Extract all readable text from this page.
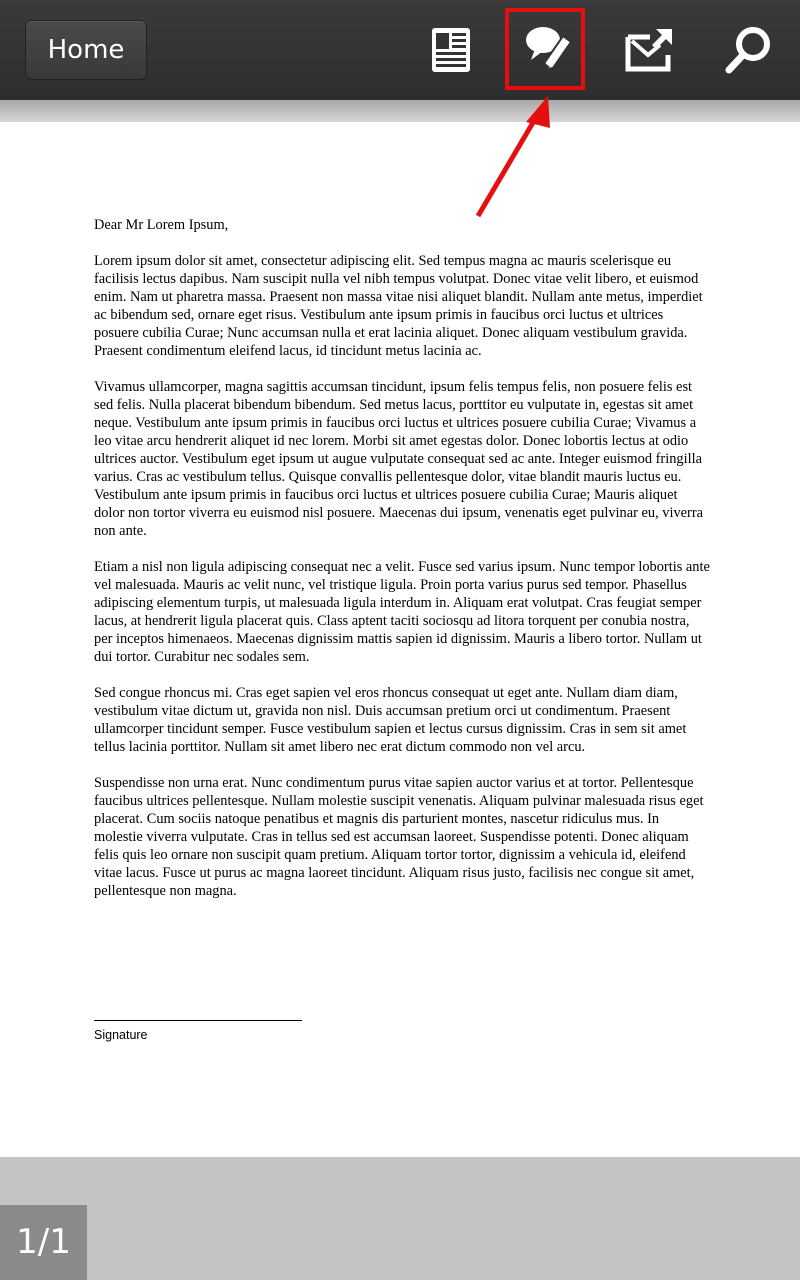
Home

Dear Mr Lorem Ipsum,

Lorem ipsum dolor sit amet, consectetur adipiscing elit. Sed tempus magna ac mauris scelerisque eu facilisis lectus dapibus. Nam suscipit nulla vel nibh tempus volutpat. Donec vitae velit libero, et euismod enim. Nam ut pharetra massa. Praesent non massa vitae nisi aliquet blandit. Nullam ante metus, imperdiet ac bibendum sed, ornare eget risus. Vestibulum ante ipsum primis in faucibus orci luctus et ultrices posuere cubilia Curae; Nunc accumsan nulla et erat lacinia aliquet. Donec aliquam vestibulum gravida. Praesent condimentum eleifend lacus, id tincidunt metus lacinia ac.

Vivamus ullamcorper, magna sagittis accumsan tincidunt, ipsum felis tempus felis, non posuere felis est sed felis. Nulla placerat bibendum bibendum. Sed metus lacus, porttitor eu vulputate in, egestas sit amet neque. Vestibulum ante ipsum primis in faucibus orci luctus et ultrices posuere cubilia Curae; Vivamus a leo vitae arcu hendrerit aliquet id nec lorem. Morbi sit amet egestas dolor. Donec lobortis lectus at odio ultrices auctor. Vestibulum eget ipsum ut augue vulputate consequat sed ac ante. Integer euismod fringilla varius. Cras ac vestibulum tellus. Quisque convallis pellentesque dolor, vitae blandit mauris luctus eu. Vestibulum ante ipsum primis in faucibus orci luctus et ultrices posuere cubilia Curae; Mauris aliquet dolor non tortor viverra eu euismod nisl posuere. Maecenas dui ipsum, venenatis eget pulvinar eu, viverra non ante.

Etiam a nisl non ligula adipiscing consequat nec a velit. Fusce sed varius ipsum. Nunc tempor lobortis ante vel malesuada. Mauris ac velit nunc, vel tristique ligula. Proin porta varius purus sed tempor. Phasellus adipiscing elementum turpis, ut malesuada ligula interdum in. Aliquam erat volutpat. Cras feugiat semper lacus, at hendrerit ligula placerat quis. Class aptent taciti sociosqu ad litora torquent per conubia nostra, per inceptos himenaeos. Maecenas dignissim mattis sapien id dignissim. Mauris a libero tortor. Nullam ut dui tortor. Curabitur nec sodales sem.

Sed congue rhoncus mi. Cras eget sapien vel eros rhoncus consequat ut eget ante. Nullam diam diam, vestibulum vitae dictum ut, gravida non nisl. Duis accumsan pretium orci ut condimentum. Praesent ullamcorper tincidunt semper. Fusce vestibulum sapien et lectus cursus dignissim. Cras in sem sit amet tellus lacinia porttitor. Nullam sit amet libero nec erat dictum commodo non vel arcu.

Suspendisse non urna erat. Nunc condimentum purus vitae sapien auctor varius et at tortor. Pellentesque faucibus ultrices pellentesque. Nullam molestie suscipit venenatis. Aliquam pulvinar malesuada risus eget placerat. Cum sociis natoque penatibus et magnis dis parturient montes, nascetur ridiculus mus. In molestie viverra vulputate. Cras in tellus sed est accumsan laoreet. Suspendisse potenti. Donec aliquam felis quis leo ornare non suscipit quam pretium. Aliquam tortor tortor, dignissim a vehicula id, eleifend vitae lacus. Fusce ut purus ac magna laoreet tincidunt. Aliquam risus justo, facilisis nec congue sit amet, pellentesque non magna.

Signature
1/1
